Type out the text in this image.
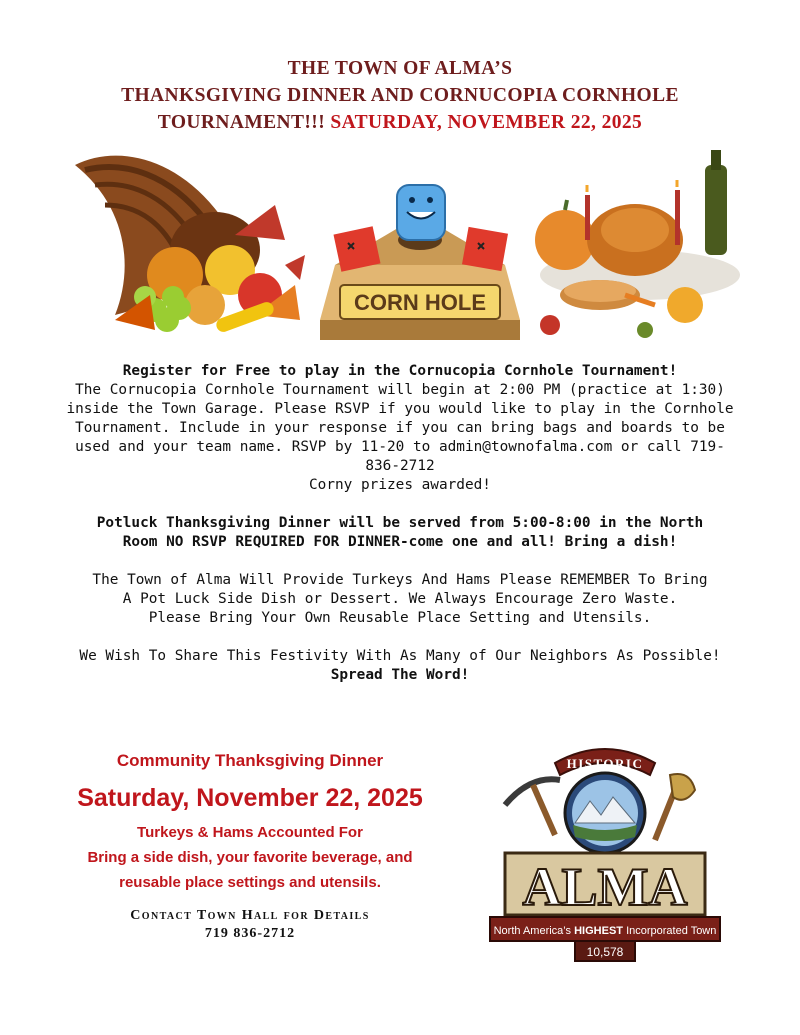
THE TOWN OF ALMA’S
THANKSGIVING DINNER AND CORNUCOPIA CORNHOLE
TOURNAMENT!!! SATURDAY, NOVEMBER 22, 2025
CORN HOLE

Register for Free to play in the Cornucopia Cornhole Tournament!

The Cornucopia Cornhole Tournament will begin at 2:00 PM (practice at 1:30)

inside the Town Garage. Please RSVP if you would like to play in the Cornhole

Tournament. Include in your response if you can bring bags and boards to be

used and your team name. RSVP by 11-20 to admin@townofalma.com or call 719-

836-2712

Corny prizes awarded!

Potluck Thanksgiving Dinner will be served from 5:00-8:00 in the North

Room NO RSVP REQUIRED FOR DINNER-come one and all! Bring a dish!

The Town of Alma Will Provide Turkeys And Hams Please REMEMBER To Bring

A Pot Luck Side Dish or Dessert. We Always Encourage Zero Waste.

Please Bring Your Own Reusable Place Setting and Utensils.

We Wish To Share This Festivity With As Many of Our Neighbors As Possible!

Spread The Word!

Community Thanksgiving Dinner
Saturday, November 22, 2025
Turkeys & Hams Accounted For
Bring a side dish, your favorite beverage, and
reusable place settings and utensils.
Contact Town Hall for Details
719 836-2712
HISTORIC
ALMA
North America’s HIGHEST Incorporated Town
10,578
